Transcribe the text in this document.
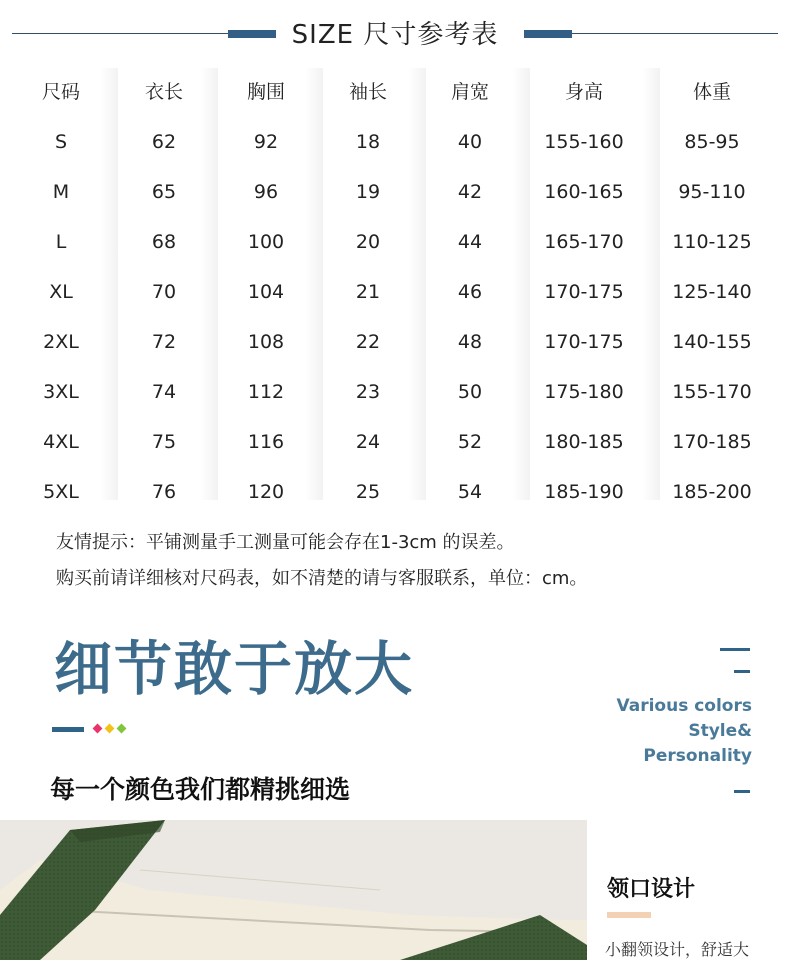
SIZE 尺寸参考表
尺码	衣长	胸围	袖长	肩宽	身高	体重
S	62	92	18	40	155-160	85-95
M	65	96	19	42	160-165	95-110
L	68	100	20	44	165-170	110-125
XL	70	104	21	46	170-175	125-140
2XL	72	108	22	48	170-175	140-155
3XL	74	112	23	50	175-180	155-170
4XL	75	116	24	52	180-185	170-185
5XL	76	120	25	54	185-190	185-200
友情提示：平铺测量手工测量可能会存在1-3cm 的误差。
购买前请详细核对尺码表，如不清楚的请与客服联系，单位：cm。
细节敢于放大
Various colors
Style&
Personality
每一个颜色我们都精挑细选
领口设计
小翻领设计，舒适大
